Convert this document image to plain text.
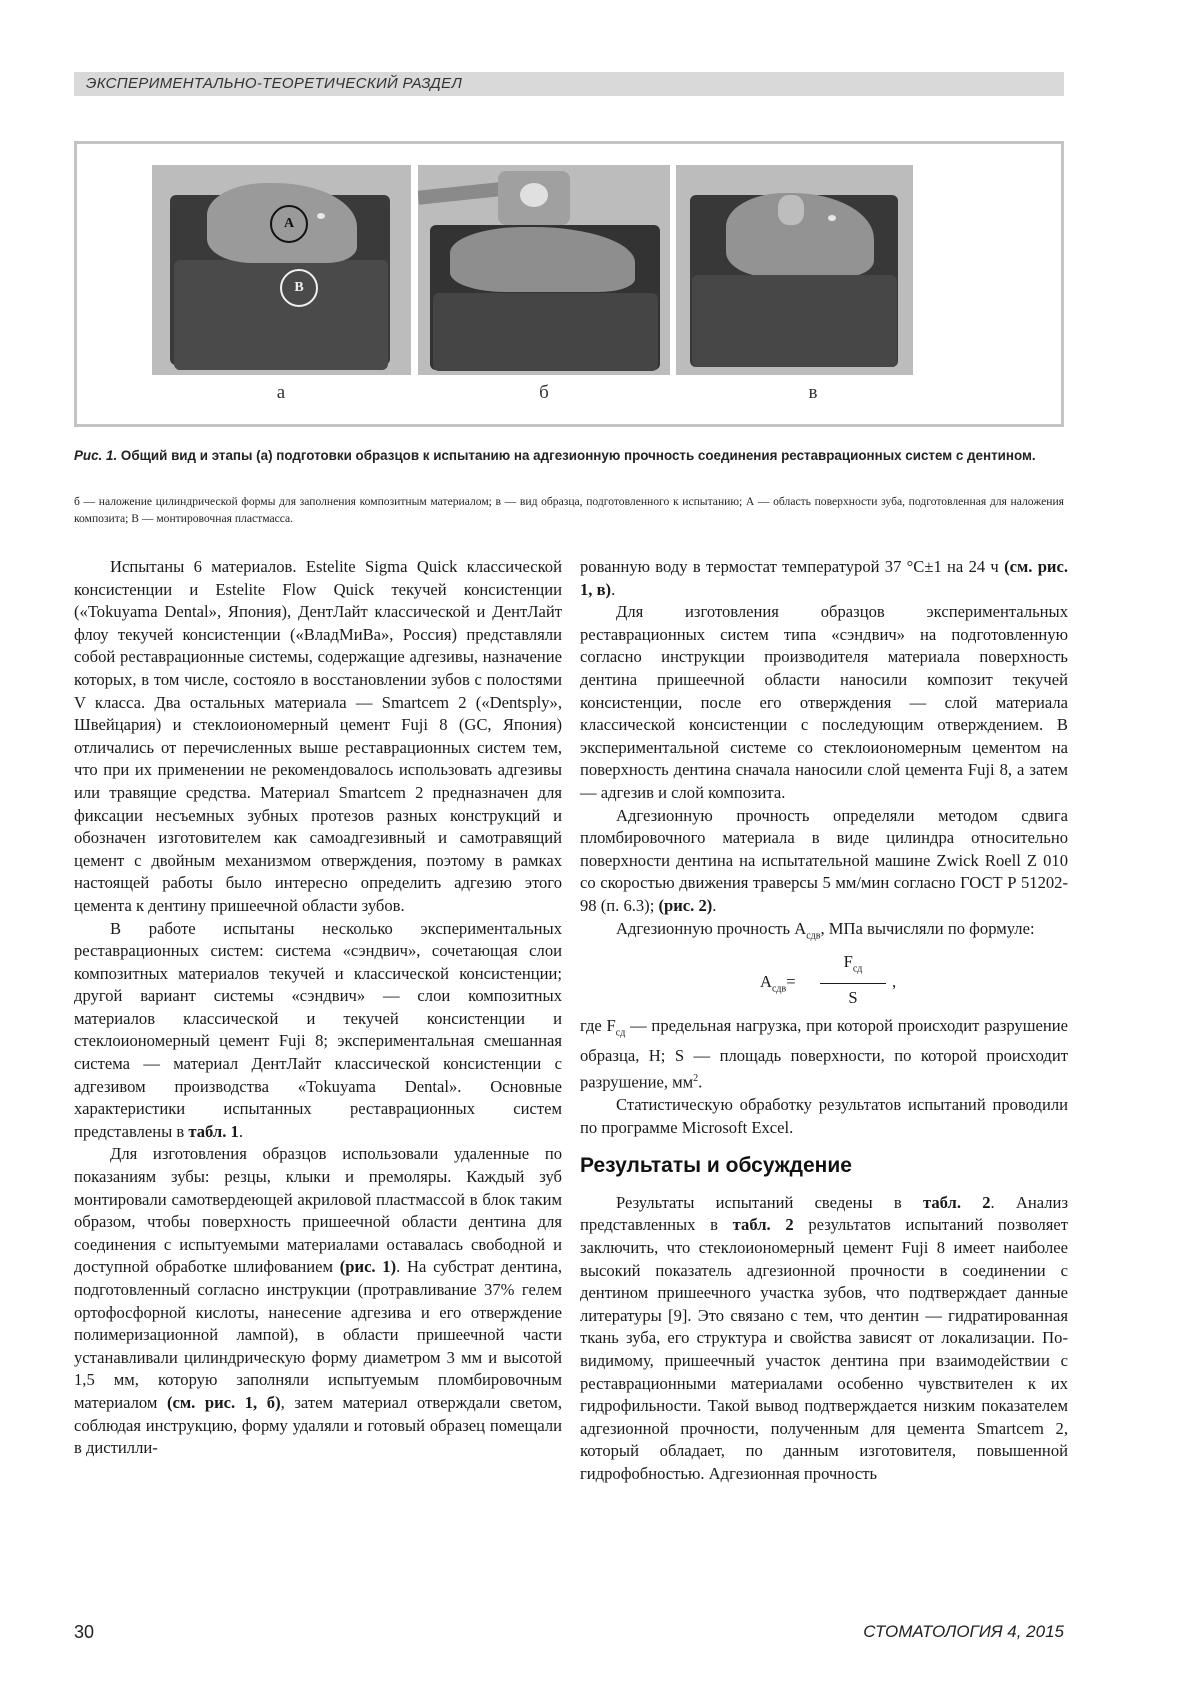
ЭКСПЕРИМЕНТАЛЬНО-ТЕОРЕТИЧЕСКИЙ РАЗДЕЛ
A
B
а	б	в
Рис. 1. Общий вид и этапы (а) подготовки образцов к испытанию на адгезионную прочность соединения реставрационных систем с дентином.
б — наложение цилиндрической формы для заполнения композитным материалом; в — вид образца, подготовленного к испытанию; А — область поверхности зуба, подготовленная для наложения композита; В — монтировочная пластмасса.

Испытаны 6 материалов. Estelite Sigma Quick классической консистенции и Estelite Flow Quick текучей консистенции («Tokuyama Dental», Япония), ДентЛайт классической и ДентЛайт флоу текучей консистенции («ВладМиВа», Россия) представляли собой реставрационные системы, содержащие адгезивы, назначение которых, в том числе, состояло в восстановлении зубов с полостями V класса. Два остальных материала — Smartcem 2 («Dentsply», Швейцария) и стеклоиономерный цемент Fuji 8 (GC, Япония) отличались от перечисленных выше реставрационных систем тем, что при их применении не рекомендовалось использовать адгезивы или травящие средства. Материал Smartcem 2 предназначен для фиксации несъемных зубных протезов разных конструкций и обозначен изготовителем как самоадгезивный и самотравящий цемент с двойным механизмом отверждения, поэтому в рамках настоящей работы было интересно определить адгезию этого цемента к дентину пришеечной области зубов.

В работе испытаны несколько экспериментальных реставрационных систем: система «сэндвич», сочетающая слои композитных материалов текучей и классической консистенции; другой вариант системы «сэндвич» — слои композитных материалов классической и текучей консистенции и стеклоиономерный цемент Fuji 8; экспериментальная смешанная система — материал ДентЛайт классической консистенции с адгезивом производства «Tokuyama Dental». Основные характеристики испытанных реставрационных систем представлены в табл. 1.

Для изготовления образцов использовали удаленные по показаниям зубы: резцы, клыки и премоляры. Каждый зуб монтировали самотвердеющей акриловой пластмассой в блок таким образом, чтобы поверхность пришеечной области дентина для соединения с испытуемыми материалами оставалась свободной и доступной обработке шлифованием (рис. 1). На субстрат дентина, подготовленный согласно инструкции (протравливание 37% гелем ортофосфорной кислоты, нанесение адгезива и его отверждение полимеризационной лампой), в области пришеечной части устанавливали цилиндрическую форму диаметром 3 мм и высотой 1,5 мм, которую заполняли испытуемым пломбировочным материалом (см. рис. 1, б), затем материал отверждали светом, соблюдая инструкцию, форму удаляли и готовый образец помещали в дистилли-

рованную воду в термостат температурой 37 °С±1 на 24 ч (см. рис. 1, в).

Для изготовления образцов экспериментальных реставрационных систем типа «сэндвич» на подготовленную согласно инструкции производителя материала поверхность дентина пришеечной области наносили композит текучей консистенции, после его отверждения — слой материала классической консистенции с последующим отверждением. В экспериментальной системе со стеклоиономерным цементом на поверхность дентина сначала наносили слой цемента Fuji 8, а затем — адгезив и слой композита.

Адгезионную прочность определяли методом сдвига пломбировочного материала в виде цилиндра относительно поверхности дентина на испытательной машине Zwick Roell Z 010 со скоростью движения траверсы 5 мм/мин согласно ГОСТ Р 51202-98 (п. 6.3); (рис. 2).

Адгезионную прочность $А_{сдв}$, МПа вычисляли по формуле:

$А_{сдв}=$
$F_{сд}$
S
,

где $F_{сд}$ — предельная нагрузка, при которой происходит разрушение образца, Н; S — площадь поверхности, по которой происходит разрушение, $мм^2$.

Статистическую обработку результатов испытаний проводили по программе Microsoft Excel.

Результаты и обсуждение

Результаты испытаний сведены в табл. 2. Анализ представленных в табл. 2 результатов испытаний позволяет заключить, что стеклоиономерный цемент Fuji 8 имеет наиболее высокий показатель адгезионной прочности в соединении с дентином пришеечного участка зубов, что подтверждает данные литературы [9]. Это связано с тем, что дентин — гидратированная ткань зуба, его структура и свойства зависят от локализации. По-видимому, пришеечный участок дентина при взаимодействии с реставрационными материалами особенно чувствителен к их гидрофильности. Такой вывод подтверждается низким показателем адгезионной прочности, полученным для цемента Smartcem 2, который обладает, по данным изготовителя, повышенной гидрофобностью. Адгезионная прочность

30	СТОМАТОЛОГИЯ 4, 2015
